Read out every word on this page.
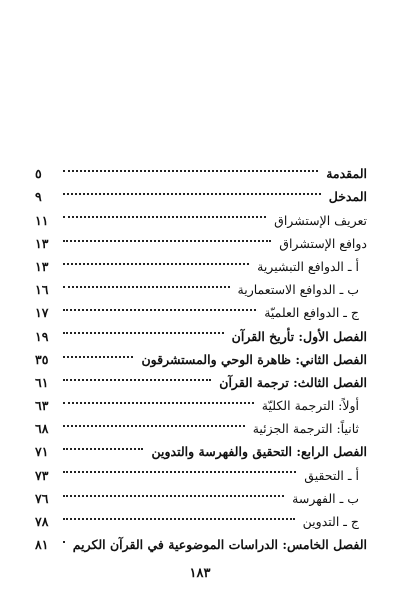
المقدمة
٥
المدخل
٩
تعريف الإستشراق
١١
دوافع الإستشراق
١٣
أ ـ الدوافع التبشيرية
١٣
ب ـ الدوافع الاستعمارية
١٦
ج ـ الدوافع العلميّة
١٧
الفصل الأول: تأريخ القرآن
١٩
الفصل الثاني: ظاهرة الوحي والمستشرقون
٣٥
الفصل الثالث: ترجمة القرآن
٦١
أولاً: الترجمة الكليّة
٦٣
ثانياً: الترجمة الجزئية
٦٨
الفصل الرابع: التحقيق والفهرسة والتدوين
٧١
أ ـ التحقيق
٧٣
ب ـ الفهرسة
٧٦
ج ـ التدوين
٧٨
الفصل الخامس: الدراسات الموضوعية في القرآن الكريم
٨١
١٨٣
